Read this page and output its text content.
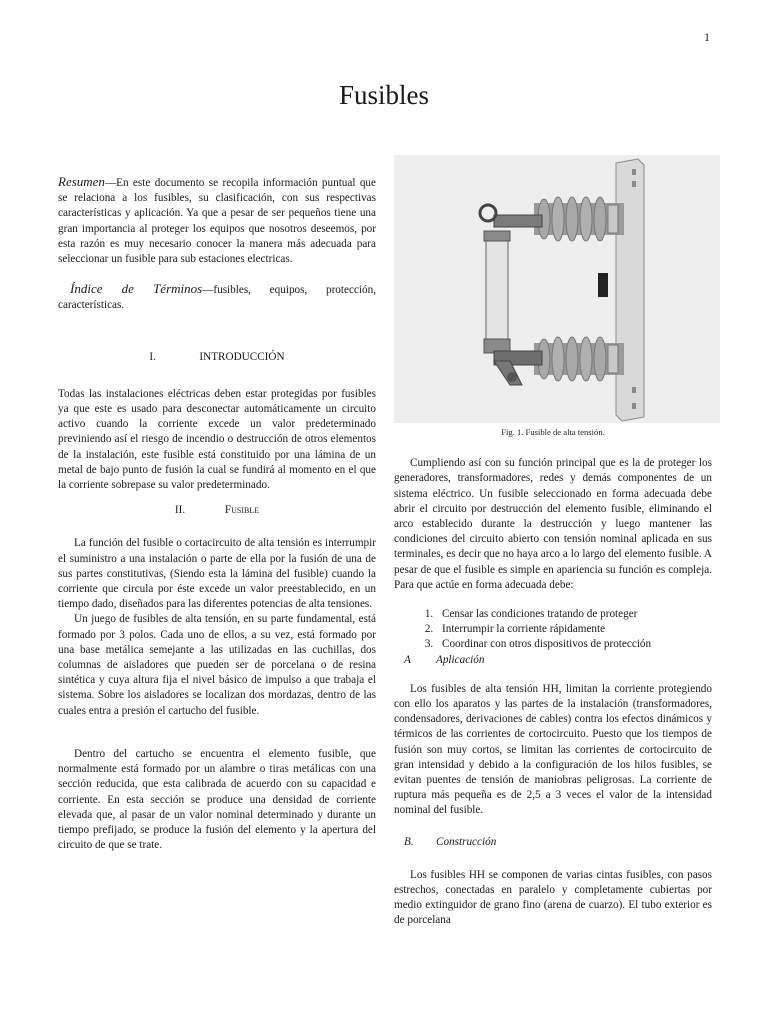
1
Fusibles

Resumen—En este documento se recopila información puntual que se relaciona a los fusibles, su clasificación, con sus respectivas características y aplicación. Ya que a pesar de ser pequeños tiene una gran importancia al proteger los equipos que nosotros deseemos, por esta razón es muy necesario conocer la manera más adecuada para seleccionar un fusible para sub estaciones electricas.

Índice de Términos—fusibles, equipos, protección, características.

I.	INTRODUCCIÓN

Todas las instalaciones eléctricas deben estar protegidas por fusibles ya que este es usado para desconectar automáticamente un circuito activo cuando la corriente excede un valor predeterminado previniendo así el riesgo de incendio o destrucción de otros elementos de la instalación, este fusible está constituido por una lámina de un metal de bajo punto de fusión la cual se fundirá al momento en el que la corriente sobrepase su valor predeterminado.

II.	Fusible

La función del fusible o cortacircuito de alta tensión es interrumpir el suministro a una instalación o parte de ella por la fusión de una de sus partes constitutivas, (Siendo esta la lámina del fusible) cuando la corriente que circula por éste excede un valor preestablecido, en un tiempo dado, diseñados para las diferentes potencias de alta tensiones.

Un juego de fusibles de alta tensión, en su parte fundamental, está formado por 3 polos. Cada uno de ellos, a su vez, está formado por una base metálica semejante a las utilizadas en las cuchillas, dos columnas de aisladores que pueden ser de porcelana o de resina sintética y cuya altura fija el nivel básico de impulso a que trabaja el sistema. Sobre los aisladores se localizan dos mordazas, dentro de las cuales entra a presión el cartucho del fusible.

Dentro del cartucho se encuentra el elemento fusible, que normalmente está formado por un alambre o tiras metálicas con una sección reducida, que esta calibrada de acuerdo con su capacidad e corriente. En esta sección se produce una densidad de corriente elevada que, al pasar de un valor nominal determinado y durante un tiempo prefijado, se produce la fusión del elemento y la apertura del circuito de que se trate.

Fig. 1. Fusible de alta tensión.

Cumpliendo así con su función principal que es la de proteger los generadores, transformadores, redes y demás componentes de un sistema eléctrico. Un fusible seleccionado en forma adecuada debe abrir el circuito por destrucción del elemento fusible, eliminando el arco establecido durante la destrucción y luego mantener las condiciones del circuito abierto con tensión nominal aplicada en sus terminales, es decir que no haya arco a lo largo del elemento fusible. A pesar de que el fusible es simple en apariencia su función es compleja. Para que actúe en forma adecuada debe:

1. Censar las condiciones tratando de proteger
2. Interrumpir la corriente rápidamente
3. Coordinar con otros dispositivos de protección
A	Aplicación

Los fusibles de alta tensión HH, limitan la corriente protegiendo con ello los aparatos y las partes de la instalación (transformadores, condensadores, derivaciones de cables) contra los efectos dinámicos y térmicos de las corrientes de cortocircuito. Puesto que los tiempos de fusión son muy cortos, se limitan las corrientes de cortocircuito de gran intensidad y debido a la configuración de los hilos fusibles, se evitan puentes de tensión de maniobras peligrosas. La corriente de ruptura más pequeña es de 2,5 a 3 veces el valor de la intensidad nominal del fusible.

B.	Construcción

Los fusibles HH se componen de varias cintas fusibles, con pasos estrechos, conectadas en paralelo y completamente cubiertas por medio extinguidor de grano fino (arena de cuarzo). El tubo exterior es de porcelana
